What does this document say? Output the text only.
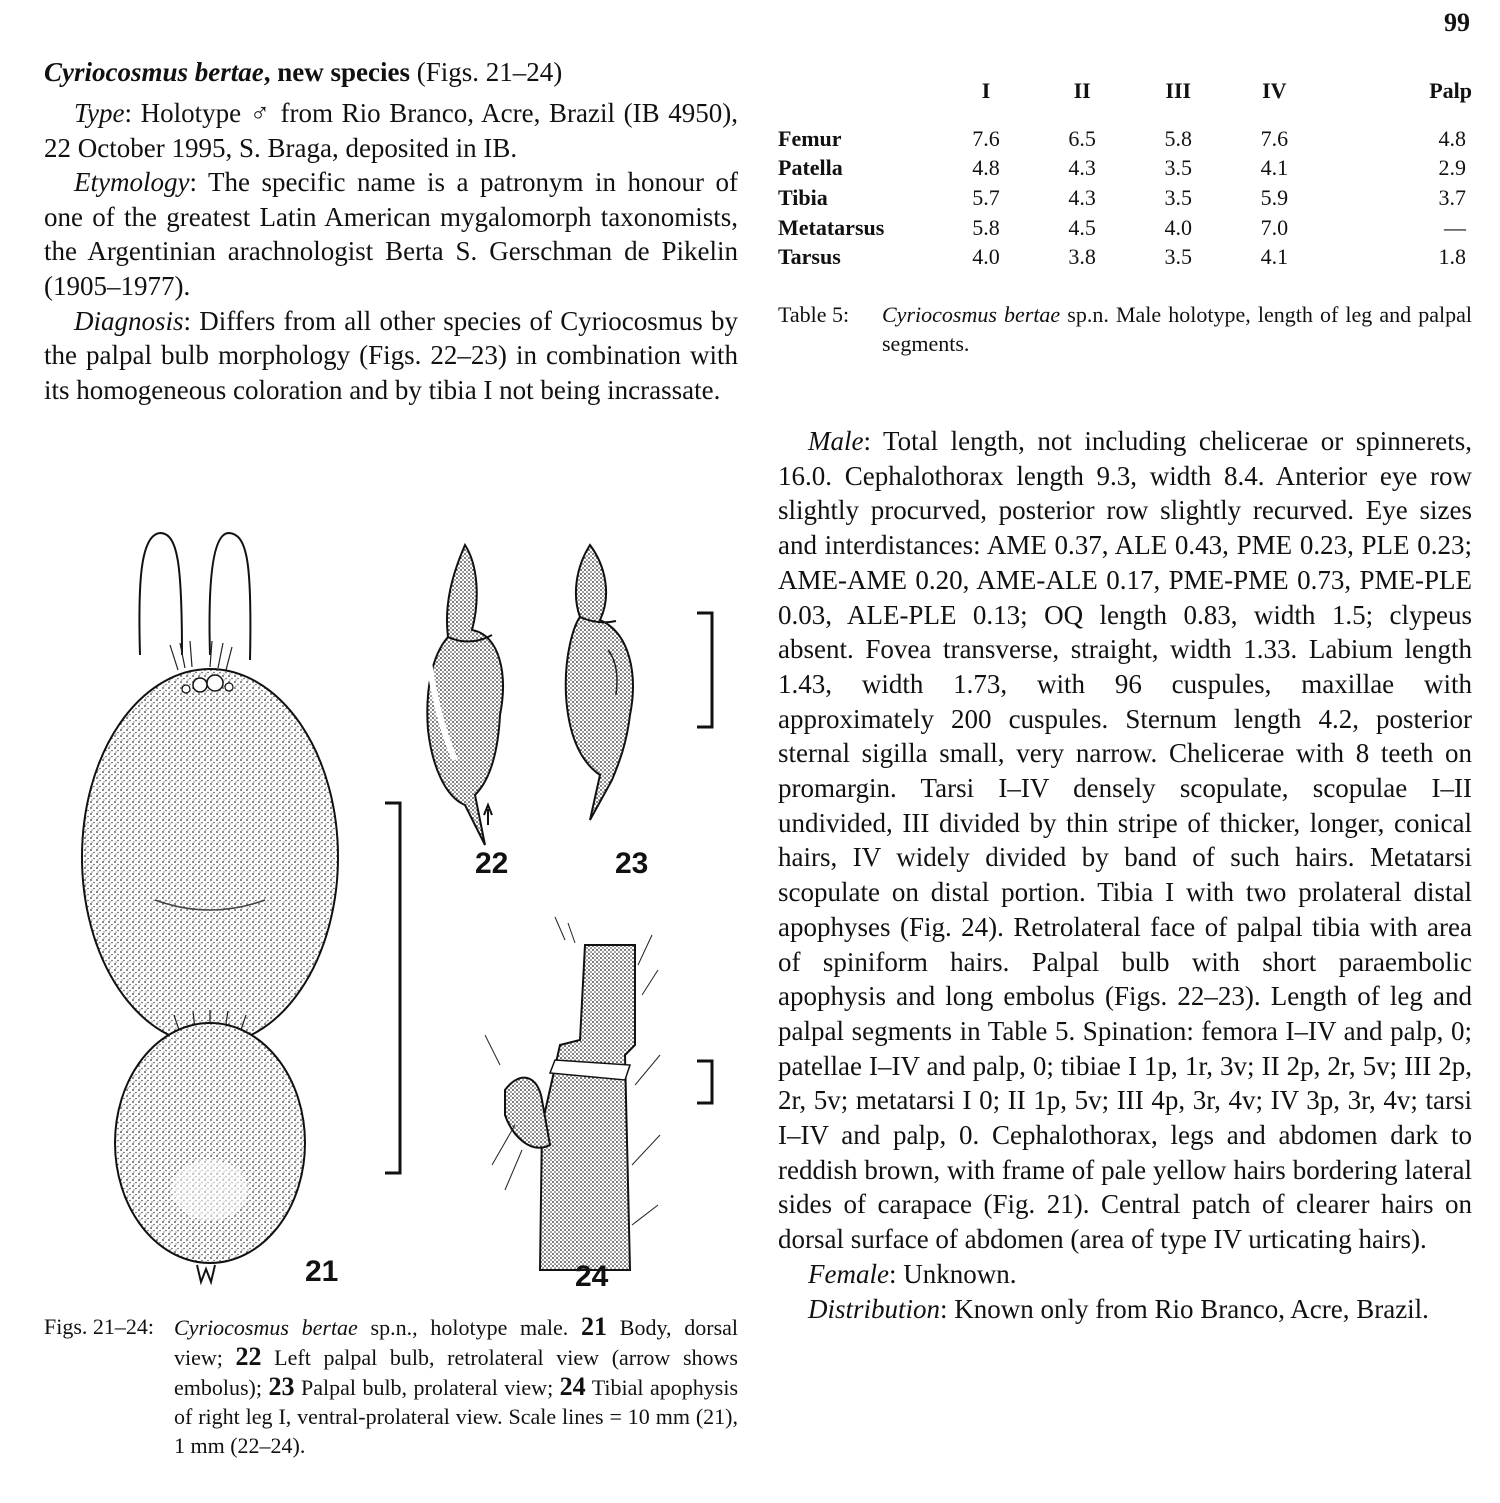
99

Cyriocosmus bertae, new species (Figs. 21–24)

Type: Holotype ♂ from Rio Branco, Acre, Brazil (IB 4950), 22 October 1995, S. Braga, deposited in IB.

Etymology: The specific name is a patronym in honour of one of the greatest Latin American mygalomorph taxonomists, the Argentinian arachnologist Berta S. Gerschman de Pikelin (1905–1977).

Diagnosis: Differs from all other species of Cyriocosmus by the palpal bulb morphology (Figs. 22–23) in combination with its homogeneous coloration and by tibia I not being incrassate.

21
22	23
24
Figs. 21–24: Cyriocosmus bertae sp.n., holotype male. 21 Body, dorsal view; 22 Left palpal bulb, retrolateral view (arrow shows embolus); 23 Palpal bulb, prolateral view; 24 Tibial apophysis of right leg I, ventral-prolateral view. Scale lines = 10 mm (21), 1 mm (22–24).
	I	II	III	IV	Palp
Femur	7.6	6.5	5.8	7.6	4.8
Patella	4.8	4.3	3.5	4.1	2.9
Tibia	5.7	4.3	3.5	5.9	3.7
Metatarsus	5.8	4.5	4.0	7.0	—
Tarsus	4.0	3.8	3.5	4.1	1.8
Table 5: Cyriocosmus bertae sp.n. Male holotype, length of leg and palpal segments.

Male: Total length, not including chelicerae or spinnerets, 16.0. Cephalothorax length 9.3, width 8.4. Anterior eye row slightly procurved, posterior row slightly recurved. Eye sizes and interdistances: AME 0.37, ALE 0.43, PME 0.23, PLE 0.23; AME-AME 0.20, AME-ALE 0.17, PME-PME 0.73, PME-PLE 0.03, ALE-PLE 0.13; OQ length 0.83, width 1.5; clypeus absent. Fovea transverse, straight, width 1.33. Labium length 1.43, width 1.73, with 96 cuspules, maxillae with approximately 200 cuspules. Sternum length 4.2, posterior sternal sigilla small, very narrow. Chelicerae with 8 teeth on promargin. Tarsi I–IV densely scopulate, scopulae I–II undivided, III divided by thin stripe of thicker, longer, conical hairs, IV widely divided by band of such hairs. Metatarsi scopulate on distal portion. Tibia I with two prolateral distal apophyses (Fig. 24). Retrolateral face of palpal tibia with area of spiniform hairs. Palpal bulb with short paraembolic apophysis and long embolus (Figs. 22–23). Length of leg and palpal segments in Table 5. Spination: femora I–IV and palp, 0; patellae I–IV and palp, 0; tibiae I 1p, 1r, 3v; II 2p, 2r, 5v; III 2p, 2r, 5v; metatarsi I 0; II 1p, 5v; III 4p, 3r, 4v; IV 3p, 3r, 4v; tarsi I–IV and palp, 0. Cephalothorax, legs and abdomen dark to reddish brown, with frame of pale yellow hairs bordering lateral sides of carapace (Fig. 21). Central patch of clearer hairs on dorsal surface of abdomen (area of type IV urticating hairs).

Female: Unknown.

Distribution: Known only from Rio Branco, Acre, Brazil.
